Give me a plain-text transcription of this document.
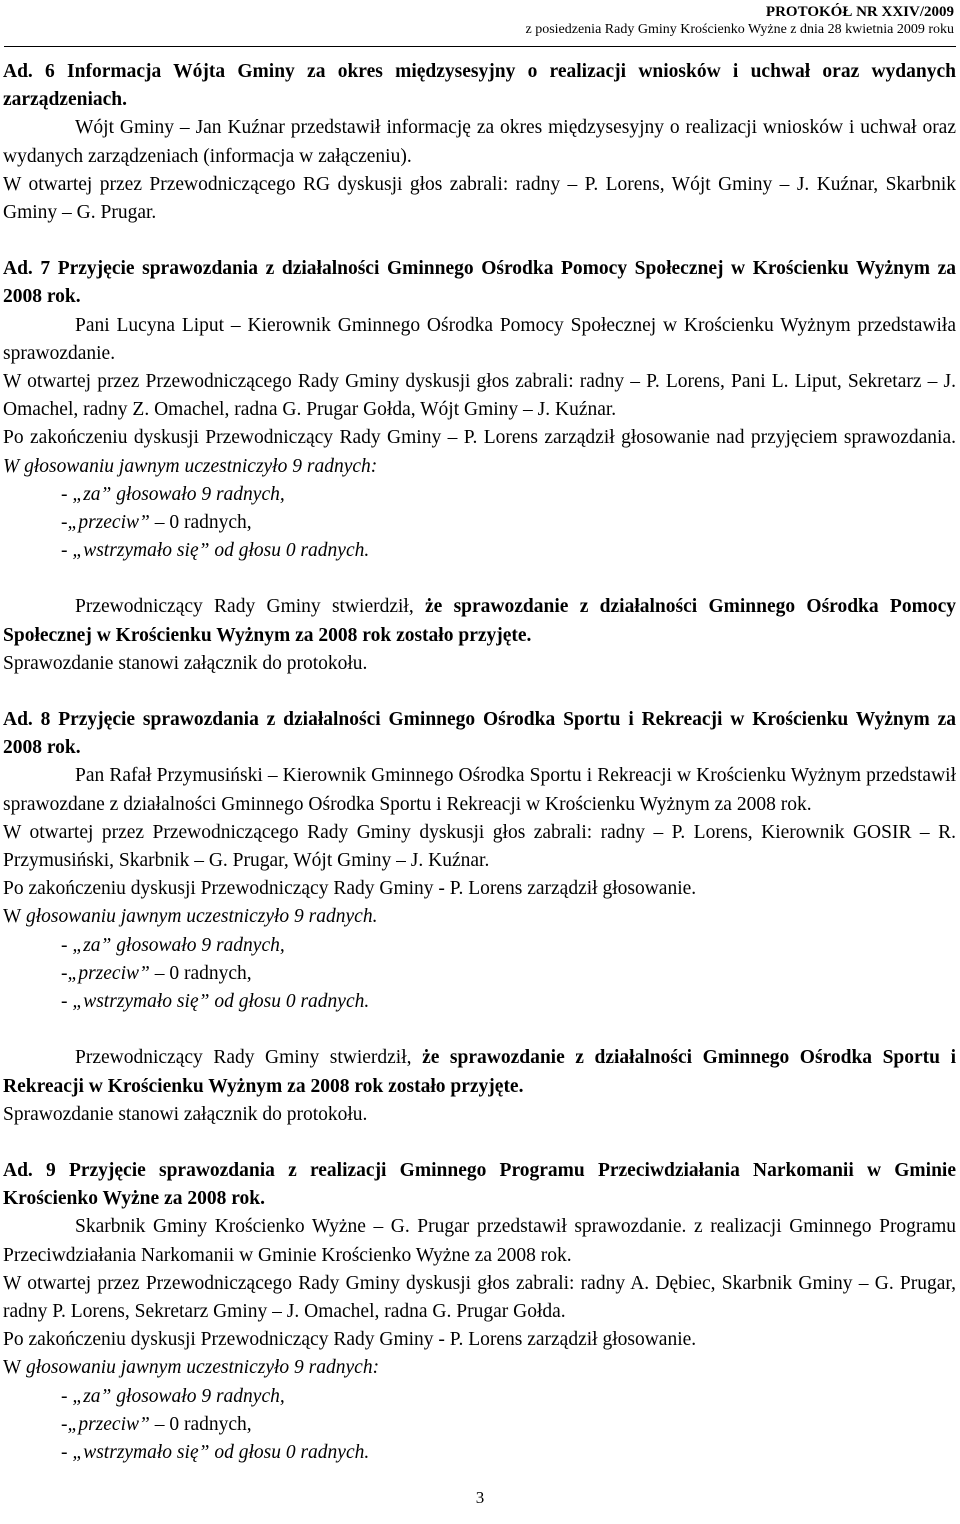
PROTOKÓŁ NR XXIV/2009
z posiedzenia Rady Gminy Krościenko Wyżne z dnia 28 kwietnia 2009 roku

Ad. 6 Informacja Wójta Gminy za okres międzysesyjny o realizacji wniosków i uchwał oraz wydanych zarządzeniach.

Wójt Gminy – Jan Kuźnar przedstawił informację za okres międzysesyjny o realizacji wniosków i uchwał oraz wydanych zarządzeniach (informacja w załączeniu).

W otwartej przez Przewodniczącego RG dyskusji głos zabrali: radny – P. Lorens, Wójt Gminy – J. Kuźnar, Skarbnik Gminy – G. Prugar.

Ad. 7 Przyjęcie sprawozdania z działalności Gminnego Ośrodka Pomocy Społecznej w Krościenku Wyżnym za 2008 rok.

Pani Lucyna Liput – Kierownik Gminnego Ośrodka Pomocy Społecznej w Krościenku Wyżnym przedstawiła sprawozdanie.

W otwartej przez Przewodniczącego Rady Gminy dyskusji głos zabrali: radny – P. Lorens, Pani L. Liput, Sekretarz – J. Omachel, radny Z. Omachel, radna G. Prugar Gołda, Wójt Gminy – J. Kuźnar.

Po zakończeniu dyskusji Przewodniczący Rady Gminy – P. Lorens zarządził głosowanie nad przyjęciem sprawozdania. W głosowaniu jawnym uczestniczyło 9 radnych:

- „za” głosowało 9 radnych,

-„przeciw” – 0 radnych,

- „wstrzymało się” od głosu 0 radnych.

Przewodniczący Rady Gminy stwierdził, że sprawozdanie z działalności Gminnego Ośrodka Pomocy Społecznej w Krościenku Wyżnym za 2008 rok zostało przyjęte.

Sprawozdanie stanowi załącznik do protokołu.

Ad. 8 Przyjęcie sprawozdania z działalności Gminnego Ośrodka Sportu i Rekreacji w Krościenku Wyżnym za 2008 rok.

Pan Rafał Przymusiński – Kierownik Gminnego Ośrodka Sportu i Rekreacji w Krościenku Wyżnym przedstawił sprawozdane z działalności Gminnego Ośrodka Sportu i Rekreacji w Krościenku Wyżnym za 2008 rok.

W otwartej przez Przewodniczącego Rady Gminy dyskusji głos zabrali: radny – P. Lorens, Kierownik GOSIR – R. Przymusiński, Skarbnik – G. Prugar, Wójt Gminy – J. Kuźnar.

Po zakończeniu dyskusji Przewodniczący Rady Gminy - P. Lorens zarządził głosowanie.

W głosowaniu jawnym uczestniczyło 9 radnych.

- „za” głosowało 9 radnych,

-„przeciw” – 0 radnych,

- „wstrzymało się” od głosu 0 radnych.

Przewodniczący Rady Gminy stwierdził, że sprawozdanie z działalności Gminnego Ośrodka Sportu i Rekreacji w Krościenku Wyżnym za 2008 rok zostało przyjęte.

Sprawozdanie stanowi załącznik do protokołu.

Ad. 9 Przyjęcie sprawozdania z realizacji Gminnego Programu Przeciwdziałania Narkomanii w Gminie Krościenko Wyżne za 2008 rok.

Skarbnik Gminy Krościenko Wyżne – G. Prugar przedstawił sprawozdanie. z realizacji Gminnego Programu Przeciwdziałania Narkomanii w Gminie Krościenko Wyżne za 2008 rok.

W otwartej przez Przewodniczącego Rady Gminy dyskusji głos zabrali: radny A. Dębiec, Skarbnik Gminy – G. Prugar, radny P. Lorens, Sekretarz Gminy – J. Omachel, radna G. Prugar Gołda.

Po zakończeniu dyskusji Przewodniczący Rady Gminy - P. Lorens zarządził głosowanie.

W głosowaniu jawnym uczestniczyło 9 radnych:

- „za” głosowało 9 radnych,

-„przeciw” – 0 radnych,

- „wstrzymało się” od głosu 0 radnych.

3
